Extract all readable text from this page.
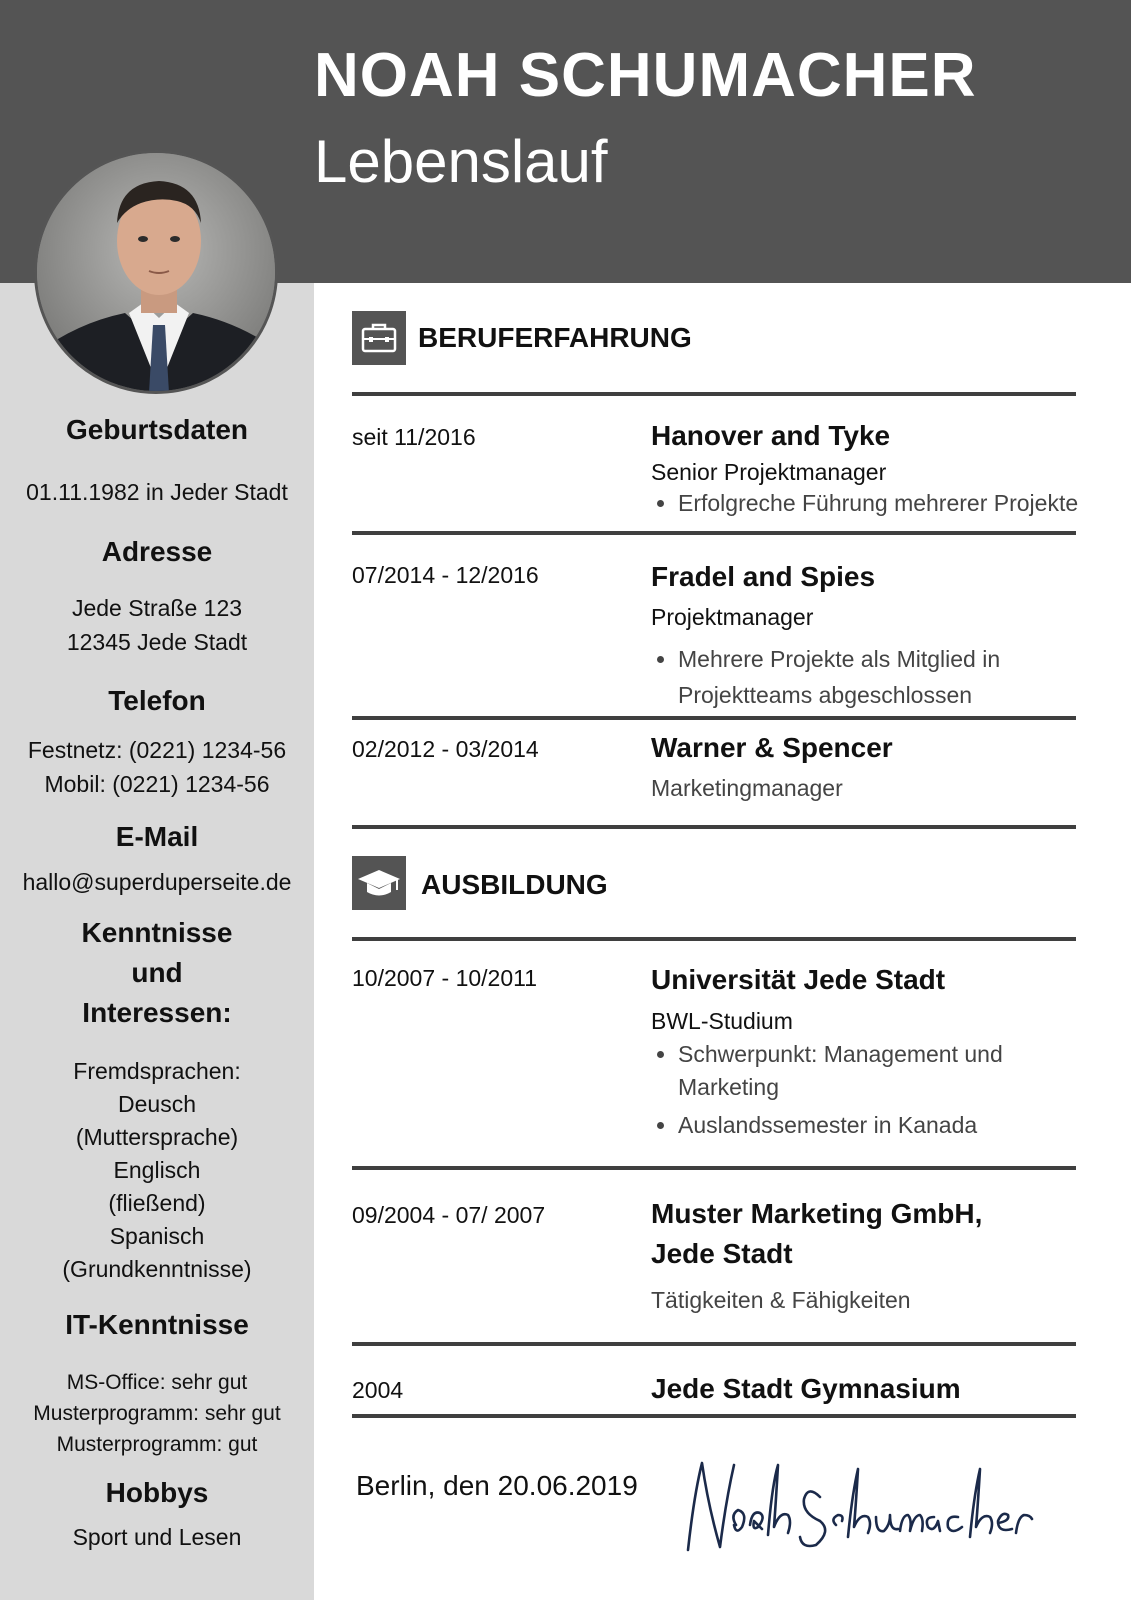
NOAH SCHUMACHER
Lebenslauf
Geburtsdaten
01.11.1982 in Jeder Stadt
Adresse
Jede Straße 123
12345 Jede Stadt
Telefon
Festnetz: (0221) 1234-56
Mobil: (0221) 1234-56
E-Mail
hallo@superduperseite.de
Kenntnisse
und
Interessen:
Fremdsprachen:
Deusch
(Muttersprache)
Englisch
(fließend)
Spanisch
(Grundkenntnisse)
IT-Kenntnisse
MS-Office: sehr gut
Musterprogramm: sehr gut
Musterprogramm: gut
Hobbys
Sport und Lesen
BERUFERFAHRUNG
seit 11/2016	Hanover and Tyke
Senior Projektmanager
• Erfolgreche Führung mehrerer Projekte
07/2014 - 12/2016	Fradel and Spies
Projektmanager
• Mehrere Projekte als Mitglied in
Projektteams abgeschlossen
02/2012 - 03/2014	Warner & Spencer
Marketingmanager
AUSBILDUNG
10/2007 - 10/2011	Universität Jede Stadt
BWL-Studium
• Schwerpunkt: Management und
Marketing
• Auslandssemester in Kanada
09/2004 - 07/ 2007	Muster Marketing GmbH,
Jede Stadt
Tätigkeiten & Fähigkeiten
2004	Jede Stadt Gymnasium
Berlin, den 20.06.2019
